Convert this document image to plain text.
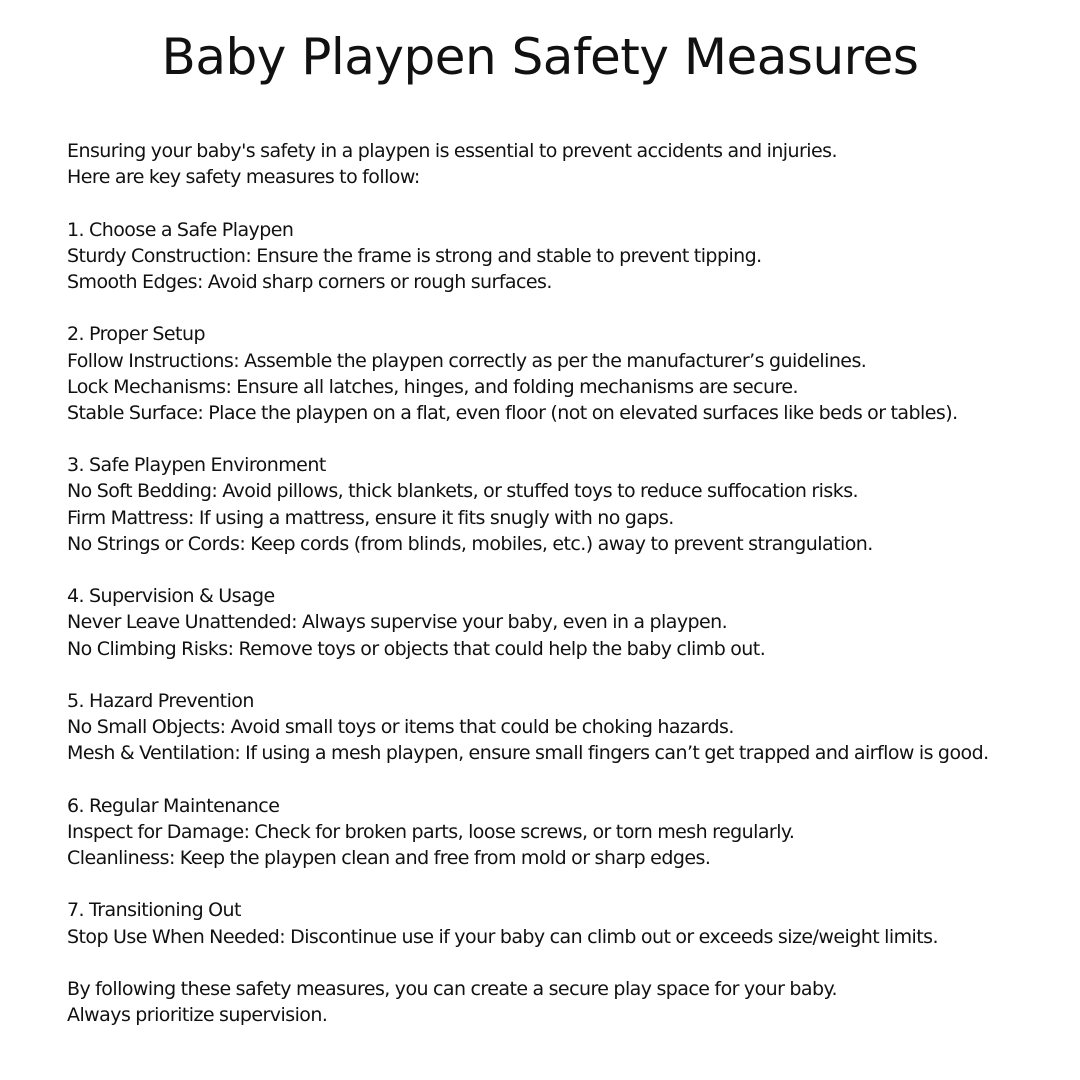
Baby Playpen Safety Measures
Ensuring your baby's safety in a playpen is essential to prevent accidents and injuries.
Here are key safety measures to follow:
1. Choose a Safe Playpen
Sturdy Construction: Ensure the frame is strong and stable to prevent tipping.
Smooth Edges: Avoid sharp corners or rough surfaces.
2. Proper Setup
Follow Instructions: Assemble the playpen correctly as per the manufacturer’s guidelines.
Lock Mechanisms: Ensure all latches, hinges, and folding mechanisms are secure.
Stable Surface: Place the playpen on a flat, even floor (not on elevated surfaces like beds or tables).
3. Safe Playpen Environment
No Soft Bedding: Avoid pillows, thick blankets, or stuffed toys to reduce suffocation risks.
Firm Mattress: If using a mattress, ensure it fits snugly with no gaps.
No Strings or Cords: Keep cords (from blinds, mobiles, etc.) away to prevent strangulation.
4. Supervision & Usage
Never Leave Unattended: Always supervise your baby, even in a playpen.
No Climbing Risks: Remove toys or objects that could help the baby climb out.
5. Hazard Prevention
No Small Objects: Avoid small toys or items that could be choking hazards.
Mesh & Ventilation: If using a mesh playpen, ensure small fingers can’t get trapped and airflow is good.
6. Regular Maintenance
Inspect for Damage: Check for broken parts, loose screws, or torn mesh regularly.
Cleanliness: Keep the playpen clean and free from mold or sharp edges.
7. Transitioning Out
Stop Use When Needed: Discontinue use if your baby can climb out or exceeds size/weight limits.
By following these safety measures, you can create a secure play space for your baby.
Always prioritize supervision.
